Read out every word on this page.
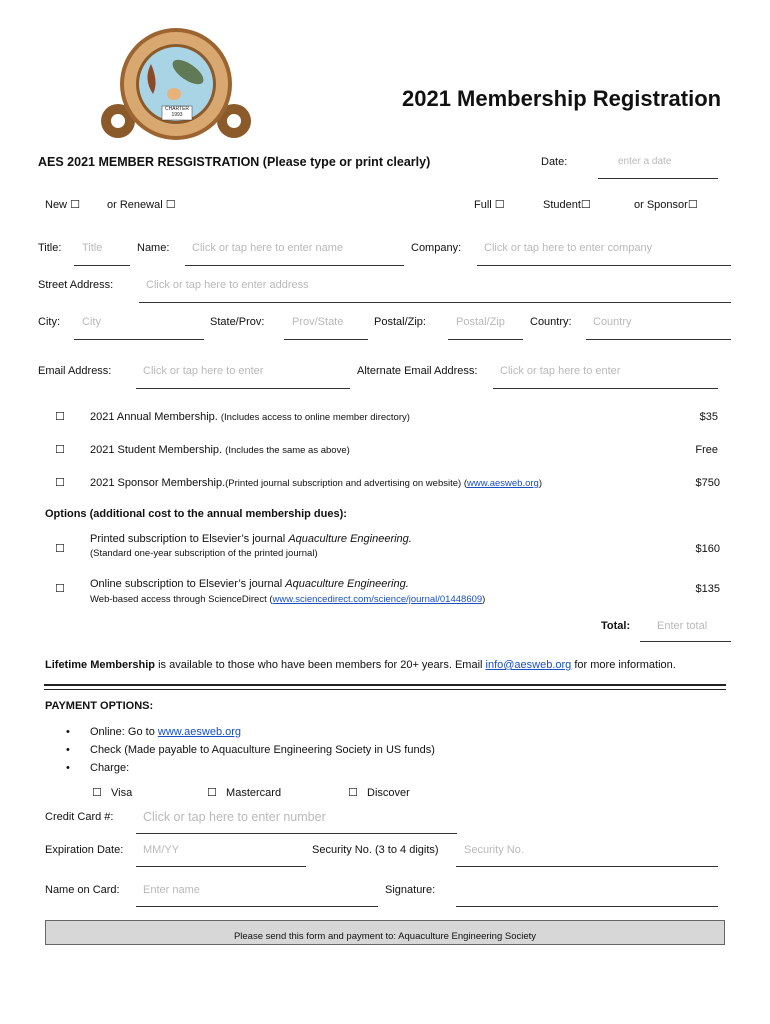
CHARTER
1993
2021 Membership Registration
AES 2021 MEMBER RESGISTRATION (Please type or print clearly)	Date:	enter a date
New ☐ or Renewal ☐	Full ☐	Student☐	or Sponsor☐
Title: Title	Name: Click or tap here to enter name	Company: Click or tap here to enter company
Street Address:	Click or tap here to enter address
City: City	State/Prov:	Prov/State	Postal/Zip:	Postal/Zip Country: Country
Email Address:	Click or tap here to enter	Alternate Email Address: Click or tap here to enter
☐ 2021 Annual Membership. (Includes access to online member directory)	$35
☐ 2021 Student Membership. (Includes the same as above)	Free
☐ 2021 Sponsor Membership.(Printed journal subscription and advertising on website) (www.aesweb.org)	$750
Options (additional cost to the annual membership dues):
☐
Printed subscription to Elsevier’s journal Aquaculture Engineering.
(Standard one-year subscription of the printed journal)	$160
☐ Online subscription to Elsevier’s journal Aquaculture Engineering.
Web-based access through ScienceDirect (www.sciencedirect.com/science/journal/01448609)
$135
Total: Enter total
Lifetime Membership is available to those who have been members for 20+ years. Email info@aesweb.org for more information.
PAYMENT OPTIONS:
• Online: Go to www.aesweb.org
• Check (Made payable to Aquaculture Engineering Society in US funds)
• Charge:
☐ Visa	☐ Mastercard	☐ Discover
Credit Card #: Click or tap here to enter number
Expiration Date: MM/YY	Security No. (3 to 4 digits) Security No.
Name on Card: Enter name	Signature:
Please send this form and payment to: Aquaculture Engineering Society
